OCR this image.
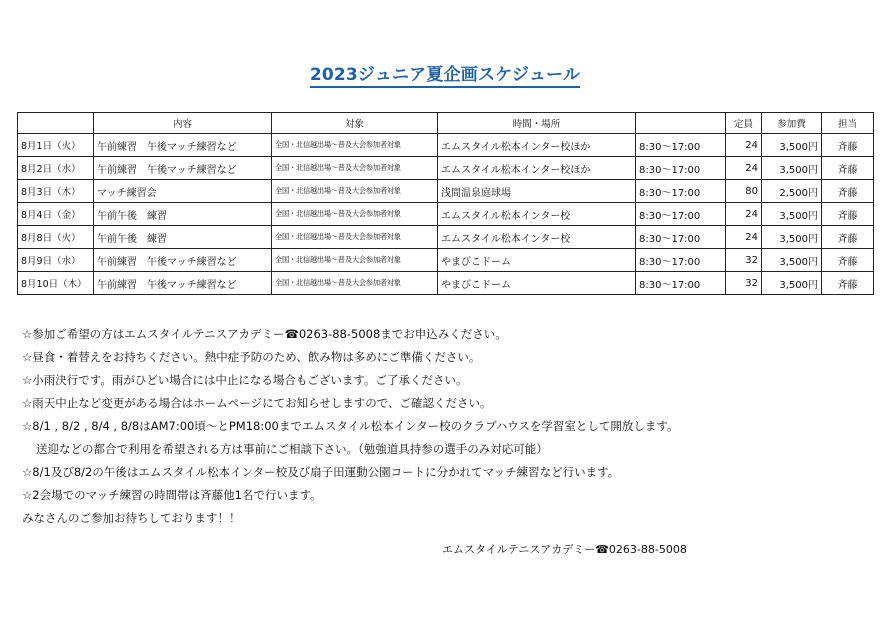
2023ジュニア夏企画スケジュール
	内容	対象	時間・場所		定員	参加費	担当
8月1日（火）	午前練習　午後マッチ練習など	全国・北信越出場～普及大会参加者対象	エムスタイル松本インター校ほか	8:30～17:00	24	3,500円	斉藤
8月2日（水）	午前練習　午後マッチ練習など	全国・北信越出場～普及大会参加者対象	エムスタイル松本インター校ほか	8:30～17:00	24	3,500円	斉藤
8月3日（木）	マッチ練習会	全国・北信越出場～普及大会参加者対象	浅間温泉庭球場	8:30～17:00	80	2,500円	斉藤
8月4日（金）	午前午後　練習	全国・北信越出場～普及大会参加者対象	エムスタイル松本インター校	8:30～17:00	24	3,500円	斉藤
8月8日（火）	午前午後　練習	全国・北信越出場～普及大会参加者対象	エムスタイル松本インター校	8:30～17:00	24	3,500円	斉藤
8月9日（水）	午前練習　午後マッチ練習など	全国・北信越出場～普及大会参加者対象	やまびこドーム	8:30～17:00	32	3,500円	斉藤
8月10日（木）	午前練習　午後マッチ練習など	全国・北信越出場～普及大会参加者対象	やまびこドーム	8:30～17:00	32	3,500円	斉藤

☆参加ご希望の方はエムスタイルテニスアカデミー☎0263-88-5008までお申込みください。

☆昼食・着替えをお持ちください。熱中症予防のため、飲み物は多めにご準備ください。

☆小雨決行です。雨がひどい場合には中止になる場合もございます。ご了承ください。

☆雨天中止など変更がある場合はホームページにてお知らせしますので、ご確認ください。

☆8/1 , 8/2 , 8/4 , 8/8はAM7:00頃～とPM18:00までエムスタイル松本インター校のクラブハウスを学習室として開放します。

送迎などの都合で利用を希望される方は事前にご相談下さい。（勉強道具持参の選手のみ対応可能）

☆8/1及び8/2の午後はエムスタイル松本インター校及び扇子田運動公園コートに分かれてマッチ練習など行います。

☆2会場でのマッチ練習の時間帯は斉藤他1名で行います。

みなさんのご参加お待ちしております！！

エムスタイルテニスアカデミー☎0263-88-5008
